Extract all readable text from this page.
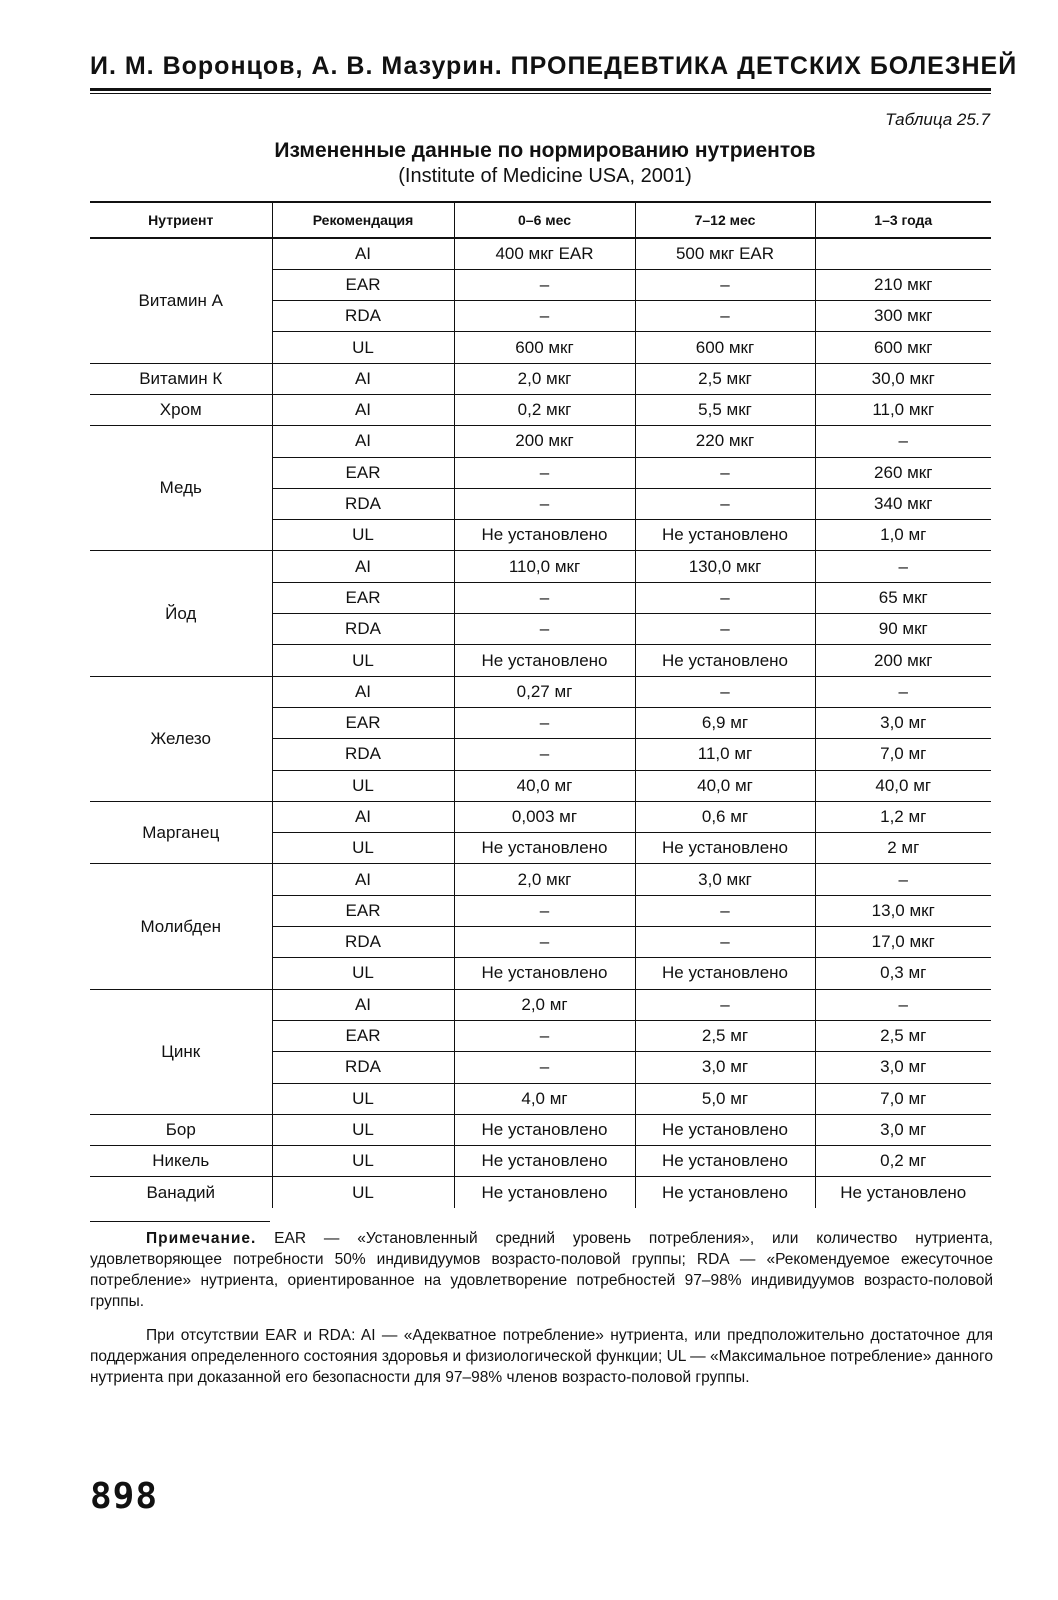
И. М. Воронцов, А. В. Мазурин. ПРОПЕДЕВТИКА ДЕТСКИХ БОЛЕЗНЕЙ
Таблица 25.7
Измененные данные по нормированию нутриентов
(Institute of Medicine USA, 2001)
Нутриент	Рекомендация	0–6 мес	7–12 мес	1–3 года
Витамин А	AI	400 мкг EAR	500 мкг EAR	
	EAR	–	–	210 мкг
	RDA	–	–	300 мкг
	UL	600 мкг	600 мкг	600 мкг
Витамин К	AI	2,0 мкг	2,5 мкг	30,0 мкг
Хром	AI	0,2 мкг	5,5 мкг	11,0 мкг
Медь	AI	200 мкг	220 мкг	–
	EAR	–	–	260 мкг
	RDA	–	–	340 мкг
	UL	Не установлено	Не установлено	1,0 мг
Йод	AI	110,0 мкг	130,0 мкг	–
	EAR	–	–	65 мкг
	RDA	–	–	90 мкг
	UL	Не установлено	Не установлено	200 мкг
Железо	AI	0,27 мг	–	–
	EAR	–	6,9 мг	3,0 мг
	RDA	–	11,0 мг	7,0 мг
	UL	40,0 мг	40,0 мг	40,0 мг
Марганец	AI	0,003 мг	0,6 мг	1,2 мг
	UL	Не установлено	Не установлено	2 мг
Молибден	AI	2,0 мкг	3,0 мкг	–
	EAR	–	–	13,0 мкг
	RDA	–	–	17,0 мкг
	UL	Не установлено	Не установлено	0,3 мг
Цинк	AI	2,0 мг	–	–
	EAR	–	2,5 мг	2,5 мг
	RDA	–	3,0 мг	3,0 мг
	UL	4,0 мг	5,0 мг	7,0 мг
Бор	UL	Не установлено	Не установлено	3,0 мг
Никель	UL	Не установлено	Не установлено	0,2 мг
Ванадий	UL	Не установлено	Не установлено	Не установлено
Примечание. EAR — «Установленный средний уровень потребления», или количество нутриента, удовлетворяющее потребности 50% индивидуумов возрасто-половой группы; RDA — «Рекомендуемое ежесуточное потребление» нутриента, ориентированное на удовлетворение потребностей 97–98% индивидуумов возрасто-половой группы.
При отсутствии EAR и RDA: AI — «Адекватное потребление» нутриента, или предположительно достаточное для поддержания определенного состояния здоровья и физиологической функции; UL — «Максимальное потребление» данного нутриента при доказанной его безопасности для 97–98% членов возрасто-половой группы.
898
